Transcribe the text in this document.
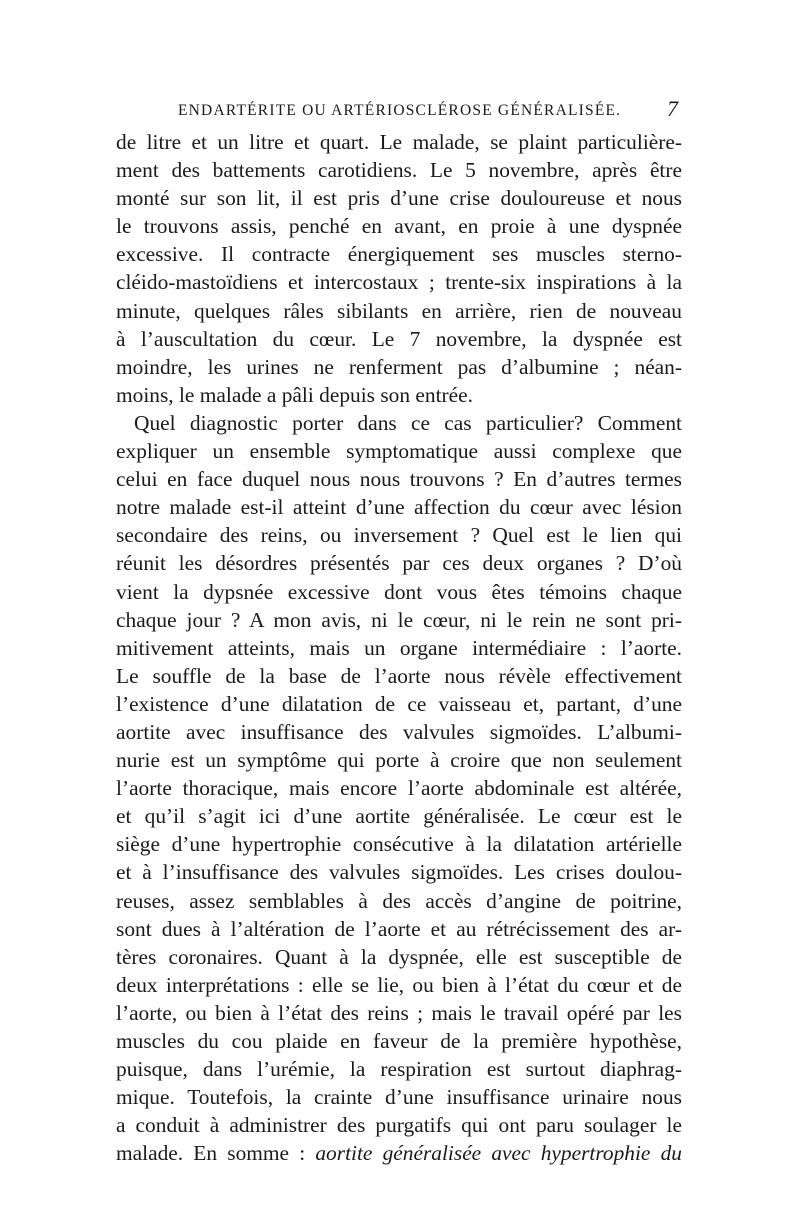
ENDARTÉRITE OU ARTÉRIOSCLÉROSE GÉNÉRALISÉE. 7
de litre et un litre et quart. Le malade, se plaint particulière-
ment des battements carotidiens. Le 5 novembre, après être
monté sur son lit, il est pris d’une crise douloureuse et nous
le trouvons assis, penché en avant, en proie à une dyspnée
excessive. Il contracte énergiquement ses muscles sterno-
cléido-mastoïdiens et intercostaux ; trente-six inspirations à la
minute, quelques râles sibilants en arrière, rien de nouveau
à l’auscultation du cœur. Le 7 novembre, la dyspnée est
moindre, les urines ne renferment pas d’albumine ; néan-
moins, le malade a pâli depuis son entrée.
Quel diagnostic porter dans ce cas particulier? Comment
expliquer un ensemble symptomatique aussi complexe que
celui en face duquel nous nous trouvons ? En d’autres termes
notre malade est-il atteint d’une affection du cœur avec lésion
secondaire des reins, ou inversement ? Quel est le lien qui
réunit les désordres présentés par ces deux organes ? D’où
vient la dypsnée excessive dont vous êtes témoins chaque
chaque jour ? A mon avis, ni le cœur, ni le rein ne sont pri-
mitivement atteints, mais un organe intermédiaire : l’aorte.
Le souffle de la base de l’aorte nous révèle effectivement
l’existence d’une dilatation de ce vaisseau et, partant, d’une
aortite avec insuffisance des valvules sigmoïdes. L’albumi-
nurie est un symptôme qui porte à croire que non seulement
l’aorte thoracique, mais encore l’aorte abdominale est altérée,
et qu’il s’agit ici d’une aortite généralisée. Le cœur est le
siège d’une hypertrophie consécutive à la dilatation artérielle
et à l’insuffisance des valvules sigmoïdes. Les crises doulou-
reuses, assez semblables à des accès d’angine de poitrine,
sont dues à l’altération de l’aorte et au rétrécissement des ar-
tères coronaires. Quant à la dyspnée, elle est susceptible de
deux interprétations : elle se lie, ou bien à l’état du cœur et de
l’aorte, ou bien à l’état des reins ; mais le travail opéré par les
muscles du cou plaide en faveur de la première hypothèse,
puisque, dans l’urémie, la respiration est surtout diaphrag-
mique. Toutefois, la crainte d’une insuffisance urinaire nous
a conduit à administrer des purgatifs qui ont paru soulager le
malade. En somme : aortite généralisée avec hypertrophie du
